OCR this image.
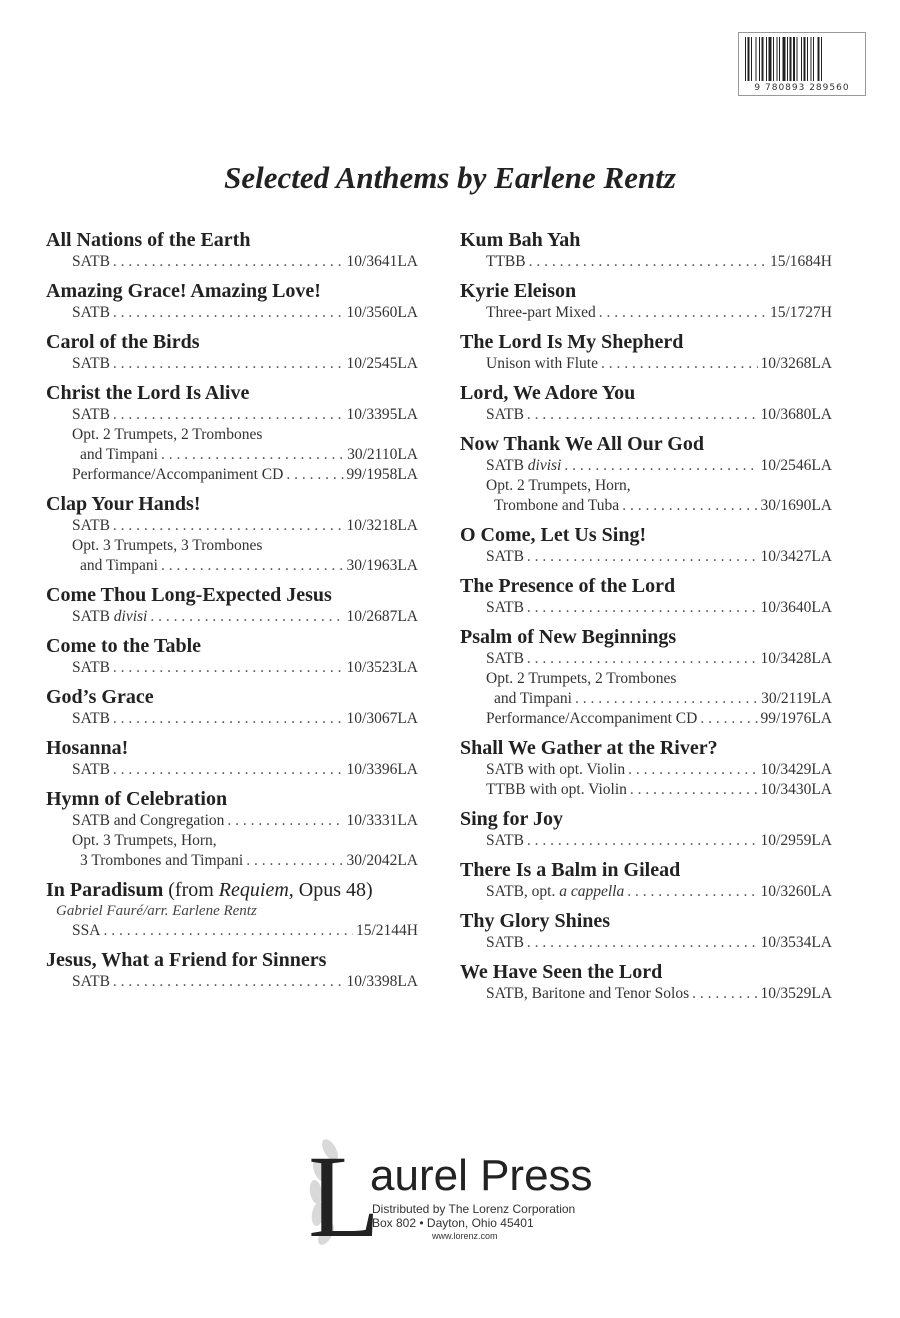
9 780893 289560
Selected Anthems by Earlene Rentz
All Nations of the Earth
SATB . . .	10/3641LA
Amazing Grace! Amazing Love!
SATB . . .	10/3560LA
Carol of the Birds
SATB . . .	10/2545LA
Christ the Lord Is Alive
SATB . . .	10/3395LA
Opt. 2 Trumpets, 2 Trombones
and Timpani . . .	30/2110LA
Performance/Accompaniment CD . . .	99/1958LA
Clap Your Hands!
SATB . . .	10/3218LA
Opt. 3 Trumpets, 3 Trombones
and Timpani . . .	30/1963LA
Come Thou Long-Expected Jesus
SATB divisi . . .	10/2687LA
Come to the Table
SATB . . .	10/3523LA
God’s Grace
SATB . . .	10/3067LA
Hosanna!
SATB . . .	10/3396LA
Hymn of Celebration
SATB and Congregation . . .	10/3331LA
Opt. 3 Trumpets, Horn,
3 Trombones and Timpani . . .	30/2042LA
In Paradisum (from Requiem, Opus 48)
Gabriel Fauré/arr. Earlene Rentz
SSA . . .	15/2144H
Jesus, What a Friend for Sinners
SATB . . .	10/3398LA
Kum Bah Yah
TTBB . . .	15/1684H
Kyrie Eleison
Three-part Mixed . . .	15/1727H
The Lord Is My Shepherd
Unison with Flute . . .	10/3268LA
Lord, We Adore You
SATB . . .	10/3680LA
Now Thank We All Our God
SATB divisi . . .	10/2546LA
Opt. 2 Trumpets, Horn,
Trombone and Tuba . . .	30/1690LA
O Come, Let Us Sing!
SATB . . .	10/3427LA
The Presence of the Lord
SATB . . .	10/3640LA
Psalm of New Beginnings
SATB . . .	10/3428LA
Opt. 2 Trumpets, 2 Trombones
and Timpani . . .	30/2119LA
Performance/Accompaniment CD . . .	99/1976LA
Shall We Gather at the River?
SATB with opt. Violin . . .	10/3429LA
TTBB with opt. Violin . . .	10/3430LA
Sing for Joy
SATB . . .	10/2959LA
There Is a Balm in Gilead
SATB, opt. a cappella . . .	10/3260LA
Thy Glory Shines
SATB . . .	10/3534LA
We Have Seen the Lord
SATB, Baritone and Tenor Solos . . .	10/3529LA
L
aurel Press
Distributed by The Lorenz Corporation
Box 802 • Dayton, Ohio 45401
www.lorenz.com
